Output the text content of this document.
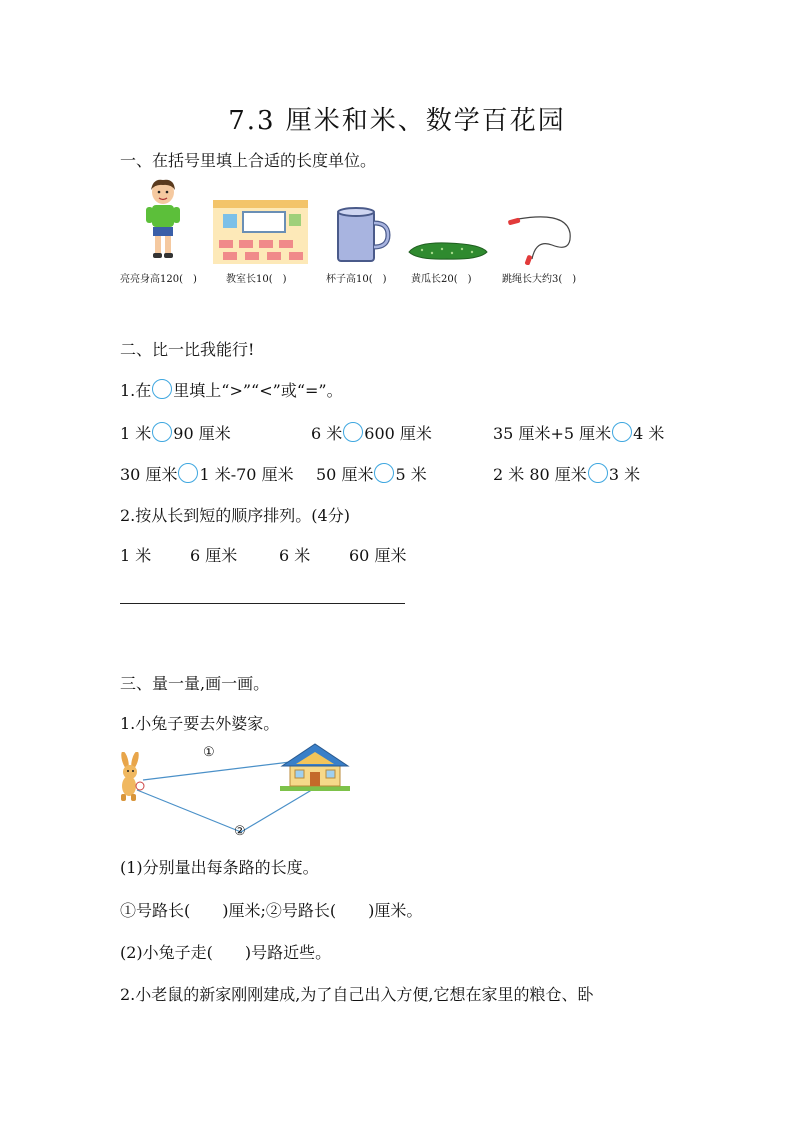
7.3 厘米和米、数学百花园
一、在括号里填上合适的长度单位。
亮亮身高120(　)	教室长10(　)	杯子高10(　) 黄瓜长20(　)	跳绳长大约3(　)
二、比一比我能行!
1.在 里填上“>”“<”或“=”。
1 米 90 厘米	6 米 600 厘米	35 厘米+5 厘米 4 米
30 厘米 1 米-70 厘米 50 厘米 5 米	2 米 80 厘米 3 米
2.按从长到短的顺序排列。(4分)
1 米 6 厘米	6 米 60 厘米
三、量一量,画一画。
1.小兔子要去外婆家。
①
②
(1)分别量出每条路的长度。
①号路长(　　)厘米;②号路长(　　)厘米。
(2)小兔子走(　　)号路近些。
2.小老鼠的新家刚刚建成,为了自己出入方便,它想在家里的粮仓、卧
